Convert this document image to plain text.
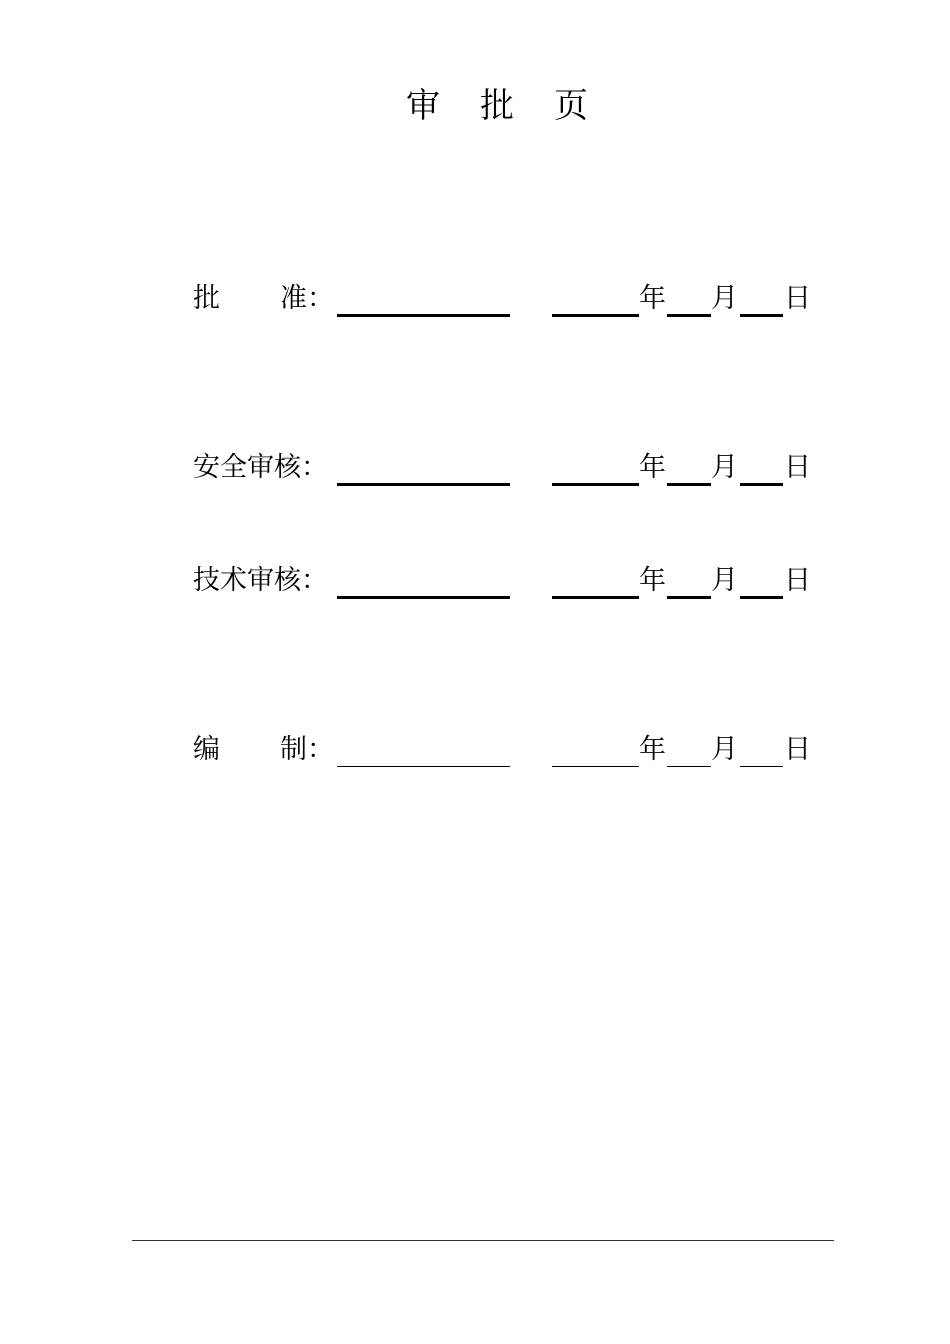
审批页
批 准：	年 月 日
安全审核：	年 月 日
技术审核：	年 月 日
编 制：	年 月 日
